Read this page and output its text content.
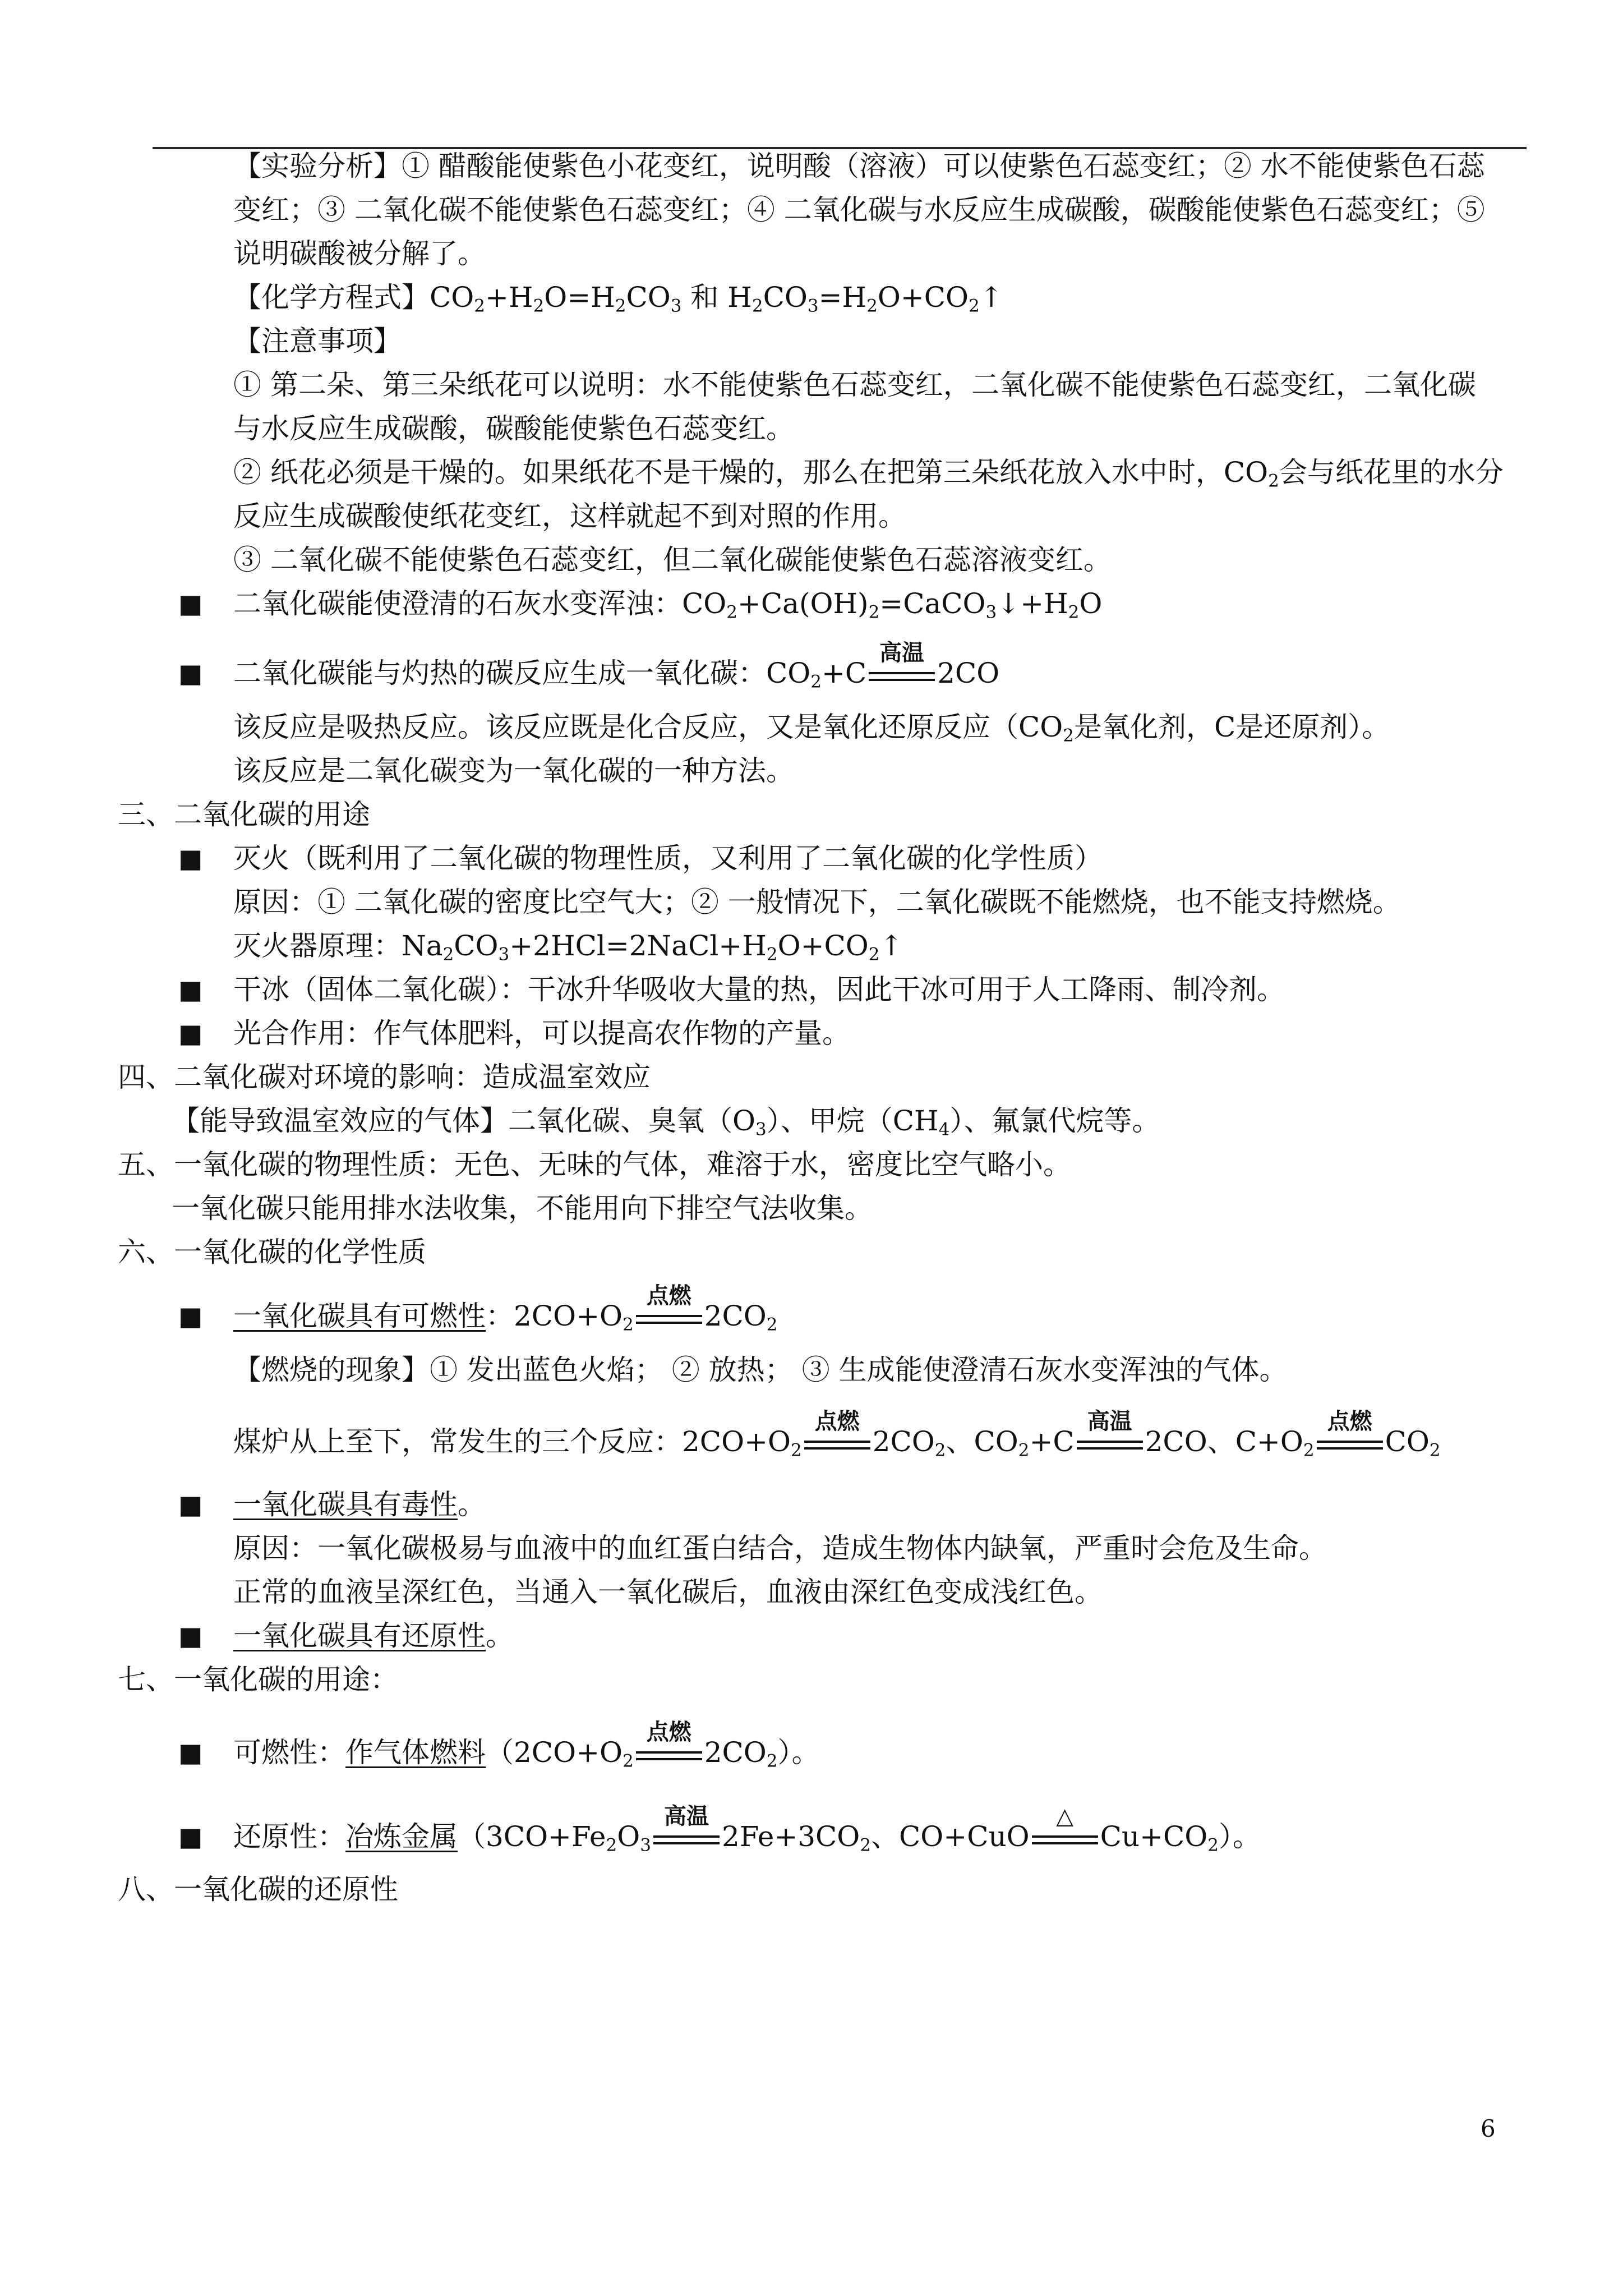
【实验分析】① 醋酸能使紫色小花变红，说明酸（溶液）可以使紫色石蕊变红；② 水不能使紫色石蕊
变红；③ 二氧化碳不能使紫色石蕊变红；④ 二氧化碳与水反应生成碳酸，碳酸能使紫色石蕊变红；⑤
说明碳酸被分解了。
【化学方程式】$CO_2+H_2O=H_2CO_3$ 和 $H_2CO_3=H_2O+CO_2↑$
【注意事项】
① 第二朵、第三朵纸花可以说明：水不能使紫色石蕊变红，二氧化碳不能使紫色石蕊变红，二氧化碳
与水反应生成碳酸，碳酸能使紫色石蕊变红。
② 纸花必须是干燥的。如果纸花不是干燥的，那么在把第三朵纸花放入水中时，$CO_2$会与纸花里的水分
反应生成碳酸使纸花变红，这样就起不到对照的作用。
③ 二氧化碳不能使紫色石蕊变红，但二氧化碳能使紫色石蕊溶液变红。
■ 二氧化碳能使澄清的石灰水变浑浊：$CO_2+Ca(OH)_2=CaCO_3↓+H_2O$
■ 二氧化碳能与灼热的碳反应生成一氧化碳：$CO_2+C$
高温
2CO
该反应是吸热反应。该反应既是化合反应，又是氧化还原反应（$CO_2$是氧化剂，C是还原剂）。
该反应是二氧化碳变为一氧化碳的一种方法。
三、二氧化碳的用途
■ 灭火（既利用了二氧化碳的物理性质，又利用了二氧化碳的化学性质）
原因：① 二氧化碳的密度比空气大；② 一般情况下，二氧化碳既不能燃烧，也不能支持燃烧。
灭火器原理：$Na_2CO_3+2HCl=2NaCl+H_2O+CO_2↑$
■ 干冰（固体二氧化碳）：干冰升华吸收大量的热，因此干冰可用于人工降雨、制冷剂。
■ 光合作用：作气体肥料，可以提高农作物的产量。
四、二氧化碳对环境的影响：造成温室效应
【能导致温室效应的气体】二氧化碳、臭氧$(O_3)$、甲烷$(CH_4)$、氟氯代烷等。
五、一氧化碳的物理性质：无色、无味的气体，难溶于水，密度比空气略小。
一氧化碳只能用排水法收集，不能用向下排空气法收集。
六、一氧化碳的化学性质
■ 一氧化碳具有可燃性：$2CO+O_2$
点燃
$2CO_2$
【燃烧的现象】① 发出蓝色火焰； ② 放热； ③ 生成能使澄清石灰水变浑浊的气体。
煤炉从上至下，常发生的三个反应：$2CO+O_2$
点燃
$2CO_2$、$CO_2+C$
高温
2CO、$C+O_2$
点燃
$CO_2$
■ 一氧化碳具有毒性。
原因：一氧化碳极易与血液中的血红蛋白结合，造成生物体内缺氧，严重时会危及生命。
正常的血液呈深红色，当通入一氧化碳后，血液由深红色变成浅红色。
■ 一氧化碳具有还原性。
七、一氧化碳的用途：
■ 可燃性：作气体燃料（$2CO+O_2$
点燃
$2CO_2$）。
■ 还原性：冶炼金属（$3CO+Fe_2O_3$
高温
$2Fe+3CO_2$、CO+CuO
△
$Cu+CO_2$）。
八、一氧化碳的还原性
6
